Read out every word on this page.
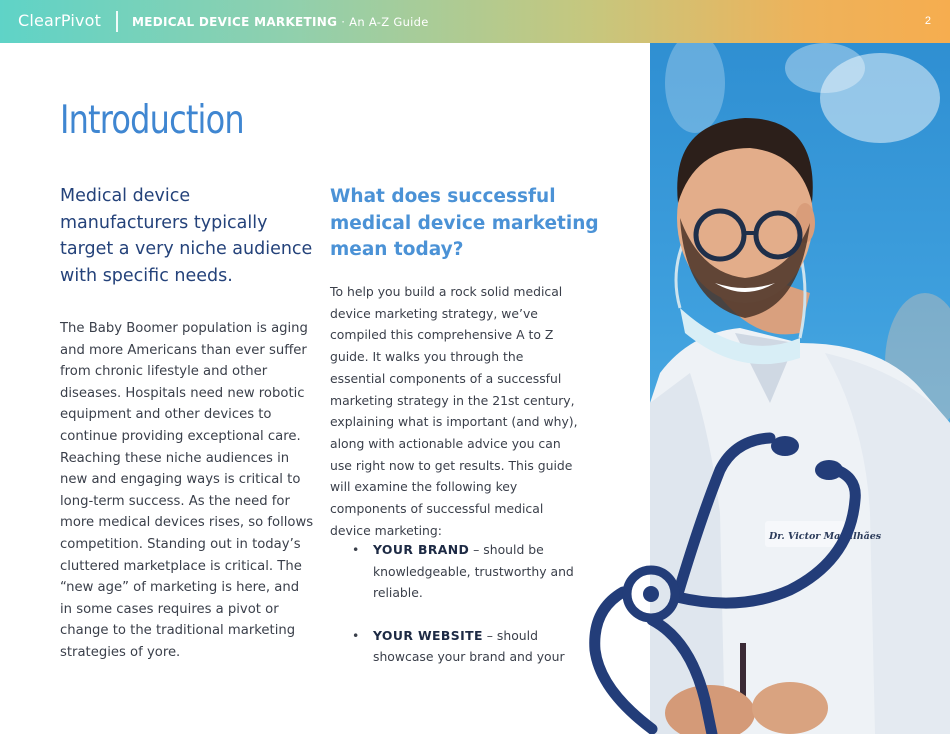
ClearPivot	MEDICAL DEVICE MARKETING · An A-Z Guide	2
Introduction

Medical device manufacturers typically target a very niche audience with specific needs.

The Baby Boomer population is aging and more Americans than ever suffer from chronic lifestyle and other diseases. Hospitals need new robotic equipment and other devices to continue providing exceptional care. Reaching these niche audiences in new and engaging ways is critical to long-term success. As the need for more medical devices rises, so follows competition. Standing out in today’s cluttered marketplace is critical. The “new age” of marketing is here, and in some cases requires a pivot or change to the traditional marketing strategies of yore.

What does successful medical device marketing mean today?

To help you build a rock solid medical device marketing strategy, we’ve compiled this comprehensive A to Z guide. It walks you through the essential components of a successful marketing strategy in the 21st century, explaining what is important (and why), along with actionable advice you can use right now to get results. This guide will examine the following key components of successful medical device marketing:

• YOUR BRAND – should be knowledgeable, trustworthy and reliable.
• YOUR WEBSITE – should showcase your brand and your
Dr. Victor Magalhães
